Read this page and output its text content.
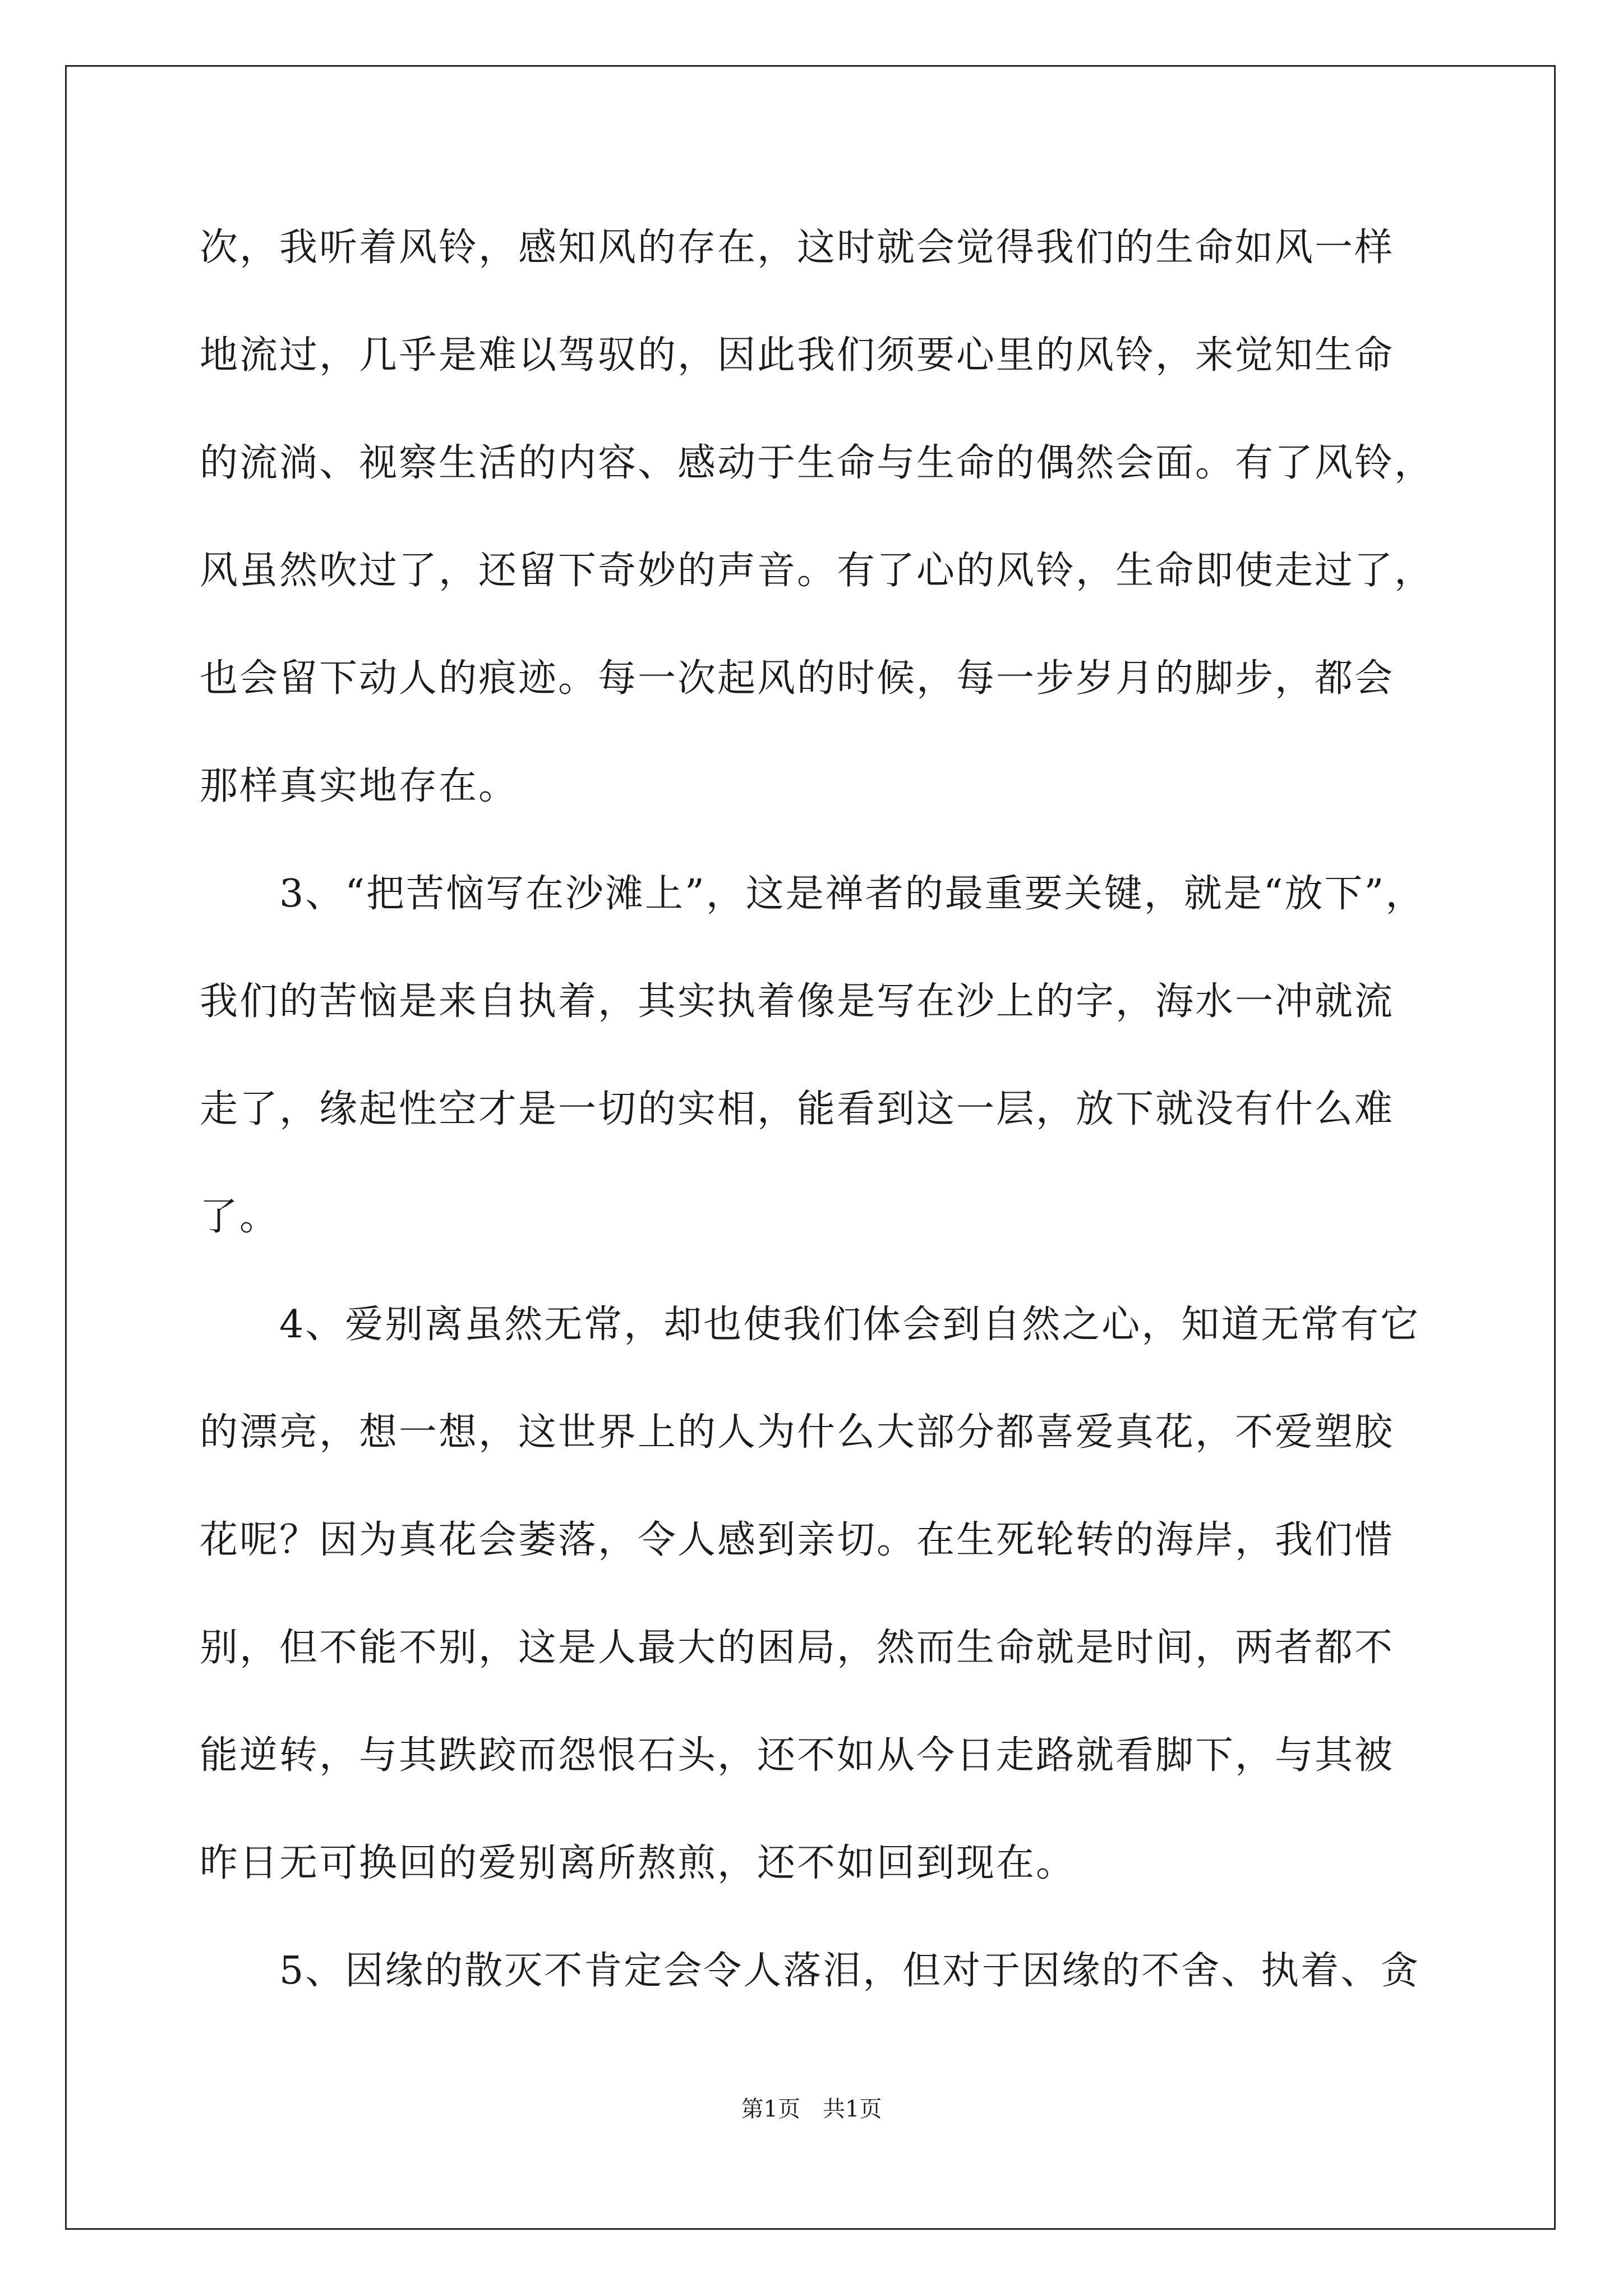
次，我听着风铃，感知风的存在，这时就会觉得我们的生命如风一样
地流过，几乎是难以驾驭的，因此我们须要心里的风铃，来觉知生命
的流淌、视察生活的内容、感动于生命与生命的偶然会面。有了风铃，
风虽然吹过了，还留下奇妙的声音。有了心的风铃，生命即使走过了，
也会留下动人的痕迹。每一次起风的时候，每一步岁月的脚步，都会
那样真实地存在。
　　3、“把苦恼写在沙滩上”，这是禅者的最重要关键，就是“放下”，
我们的苦恼是来自执着，其实执着像是写在沙上的字，海水一冲就流
走了，缘起性空才是一切的实相，能看到这一层，放下就没有什么难
了。
　　4、爱别离虽然无常，却也使我们体会到自然之心，知道无常有它
的漂亮，想一想，这世界上的人为什么大部分都喜爱真花，不爱塑胶
花呢？因为真花会萎落，令人感到亲切。在生死轮转的海岸，我们惜
别，但不能不别，这是人最大的困局，然而生命就是时间，两者都不
能逆转，与其跌跤而怨恨石头，还不如从今日走路就看脚下，与其被
昨日无可换回的爱别离所熬煎，还不如回到现在。
　　5、因缘的散灭不肯定会令人落泪，但对于因缘的不舍、执着、贪
第1页　共1页
